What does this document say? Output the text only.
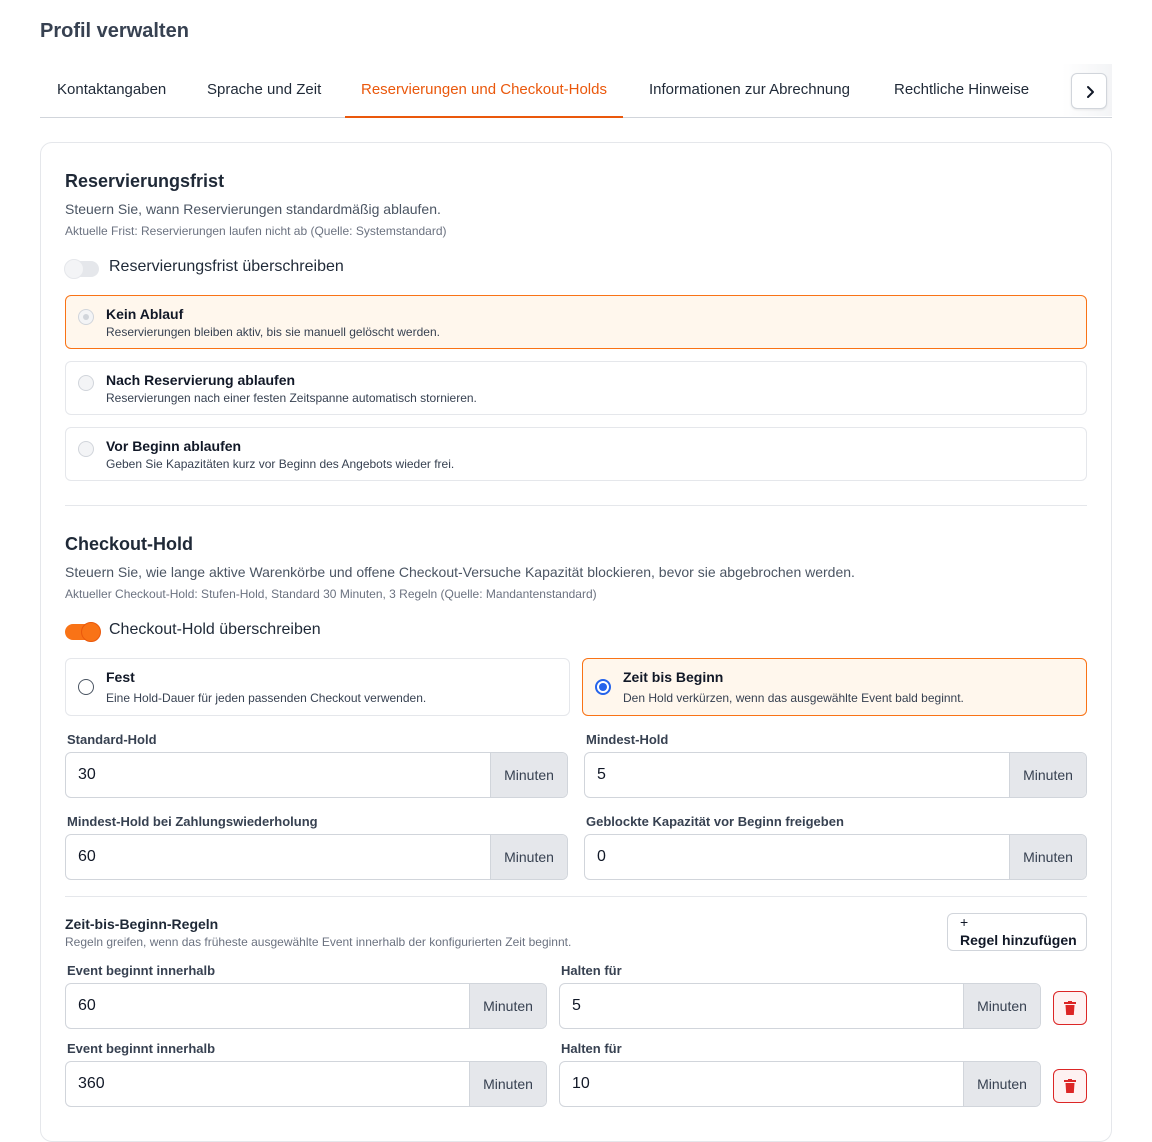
Profil verwalten
Kontaktangaben	Sprache und Zeit	Reservierungen und Checkout-Holds	Informationen zur Abrechnung	Rechtliche Hinweise
Reservierungsfrist
Steuern Sie, wann Reservierungen standardmäßig ablaufen.
Aktuelle Frist: Reservierungen laufen nicht ab (Quelle: Systemstandard)
Reservierungsfrist überschreiben
Kein Ablauf
Reservierungen bleiben aktiv, bis sie manuell gelöscht werden.
Nach Reservierung ablaufen
Reservierungen nach einer festen Zeitspanne automatisch stornieren.
Vor Beginn ablaufen
Geben Sie Kapazitäten kurz vor Beginn des Angebots wieder frei.
Checkout-Hold
Steuern Sie, wie lange aktive Warenkörbe und offene Checkout-Versuche Kapazität blockieren, bevor sie abgebrochen werden.
Aktueller Checkout-Hold: Stufen-Hold, Standard 30 Minuten, 3 Regeln (Quelle: Mandantenstandard)
Checkout-Hold überschreiben
Fest
Eine Hold-Dauer für jeden passenden Checkout verwenden.
Zeit bis Beginn
Den Hold verkürzen, wenn das ausgewählte Event bald beginnt.
Standard-Hold
30	Minuten
Mindest-Hold
5	Minuten
Mindest-Hold bei Zahlungswiederholung
60	Minuten
Geblockte Kapazität vor Beginn freigeben
0	Minuten
Zeit-bis-Beginn-Regeln
Regeln greifen, wenn das früheste ausgewählte Event innerhalb der konfigurierten Zeit beginnt.
+
Regel hinzufügen
Event beginnt innerhalb
60	Minuten
Halten für
5	Minuten
Event beginnt innerhalb
360	Minuten
Halten für
10	Minuten
